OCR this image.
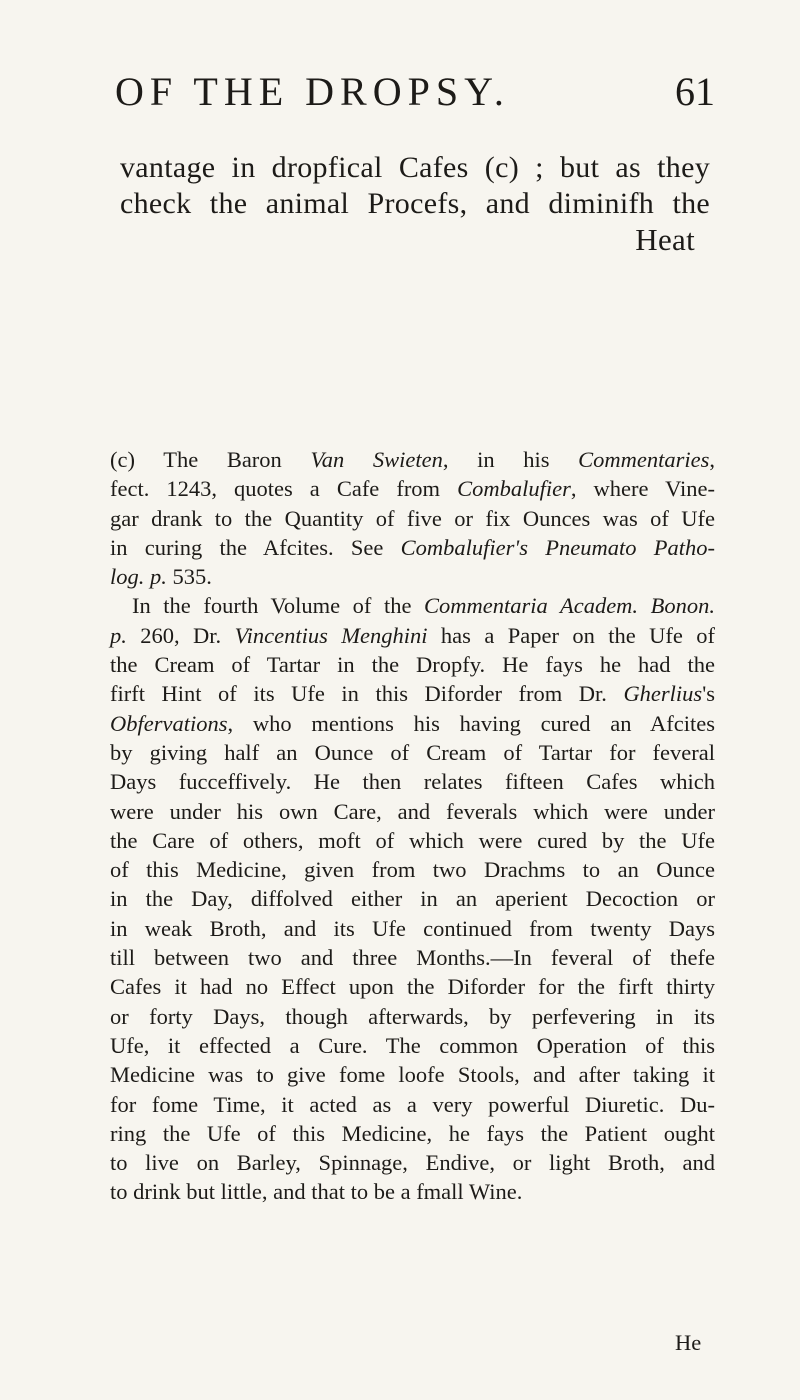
OF THE DROPSY.	61
vantage in dropfical Cafes (c) ; but as they
check the animal Procefs, and diminifh the
Heat
(c) The Baron Van Swieten, in his Commentaries,
fect. 1243, quotes a Cafe from Combalufier, where Vine-
gar drank to the Quantity of five or fix Ounces was of Ufe
in curing the Afcites. See Combalufier's Pneumato Patho-
log. p. 535.
In the fourth Volume of the Commentaria Academ. Bonon.
p. 260, Dr. Vincentius Menghini has a Paper on the Ufe of
the Cream of Tartar in the Dropfy. He fays he had the
firft Hint of its Ufe in this Diforder from Dr. Gherlius's
Obfervations, who mentions his having cured an Afcites
by giving half an Ounce of Cream of Tartar for feveral
Days fucceffively. He then relates fifteen Cafes which
were under his own Care, and feverals which were under
the Care of others, moft of which were cured by the Ufe
of this Medicine, given from two Drachms to an Ounce
in the Day, diffolved either in an aperient Decoction or
in weak Broth, and its Ufe continued from twenty Days
till between two and three Months.—In feveral of thefe
Cafes it had no Effect upon the Diforder for the firft thirty
or forty Days, though afterwards, by perfevering in its
Ufe, it effected a Cure. The common Operation of this
Medicine was to give fome loofe Stools, and after taking it
for fome Time, it acted as a very powerful Diuretic. Du-
ring the Ufe of this Medicine, he fays the Patient ought
to live on Barley, Spinnage, Endive, or light Broth, and
to drink but little, and that to be a fmall Wine.
He
